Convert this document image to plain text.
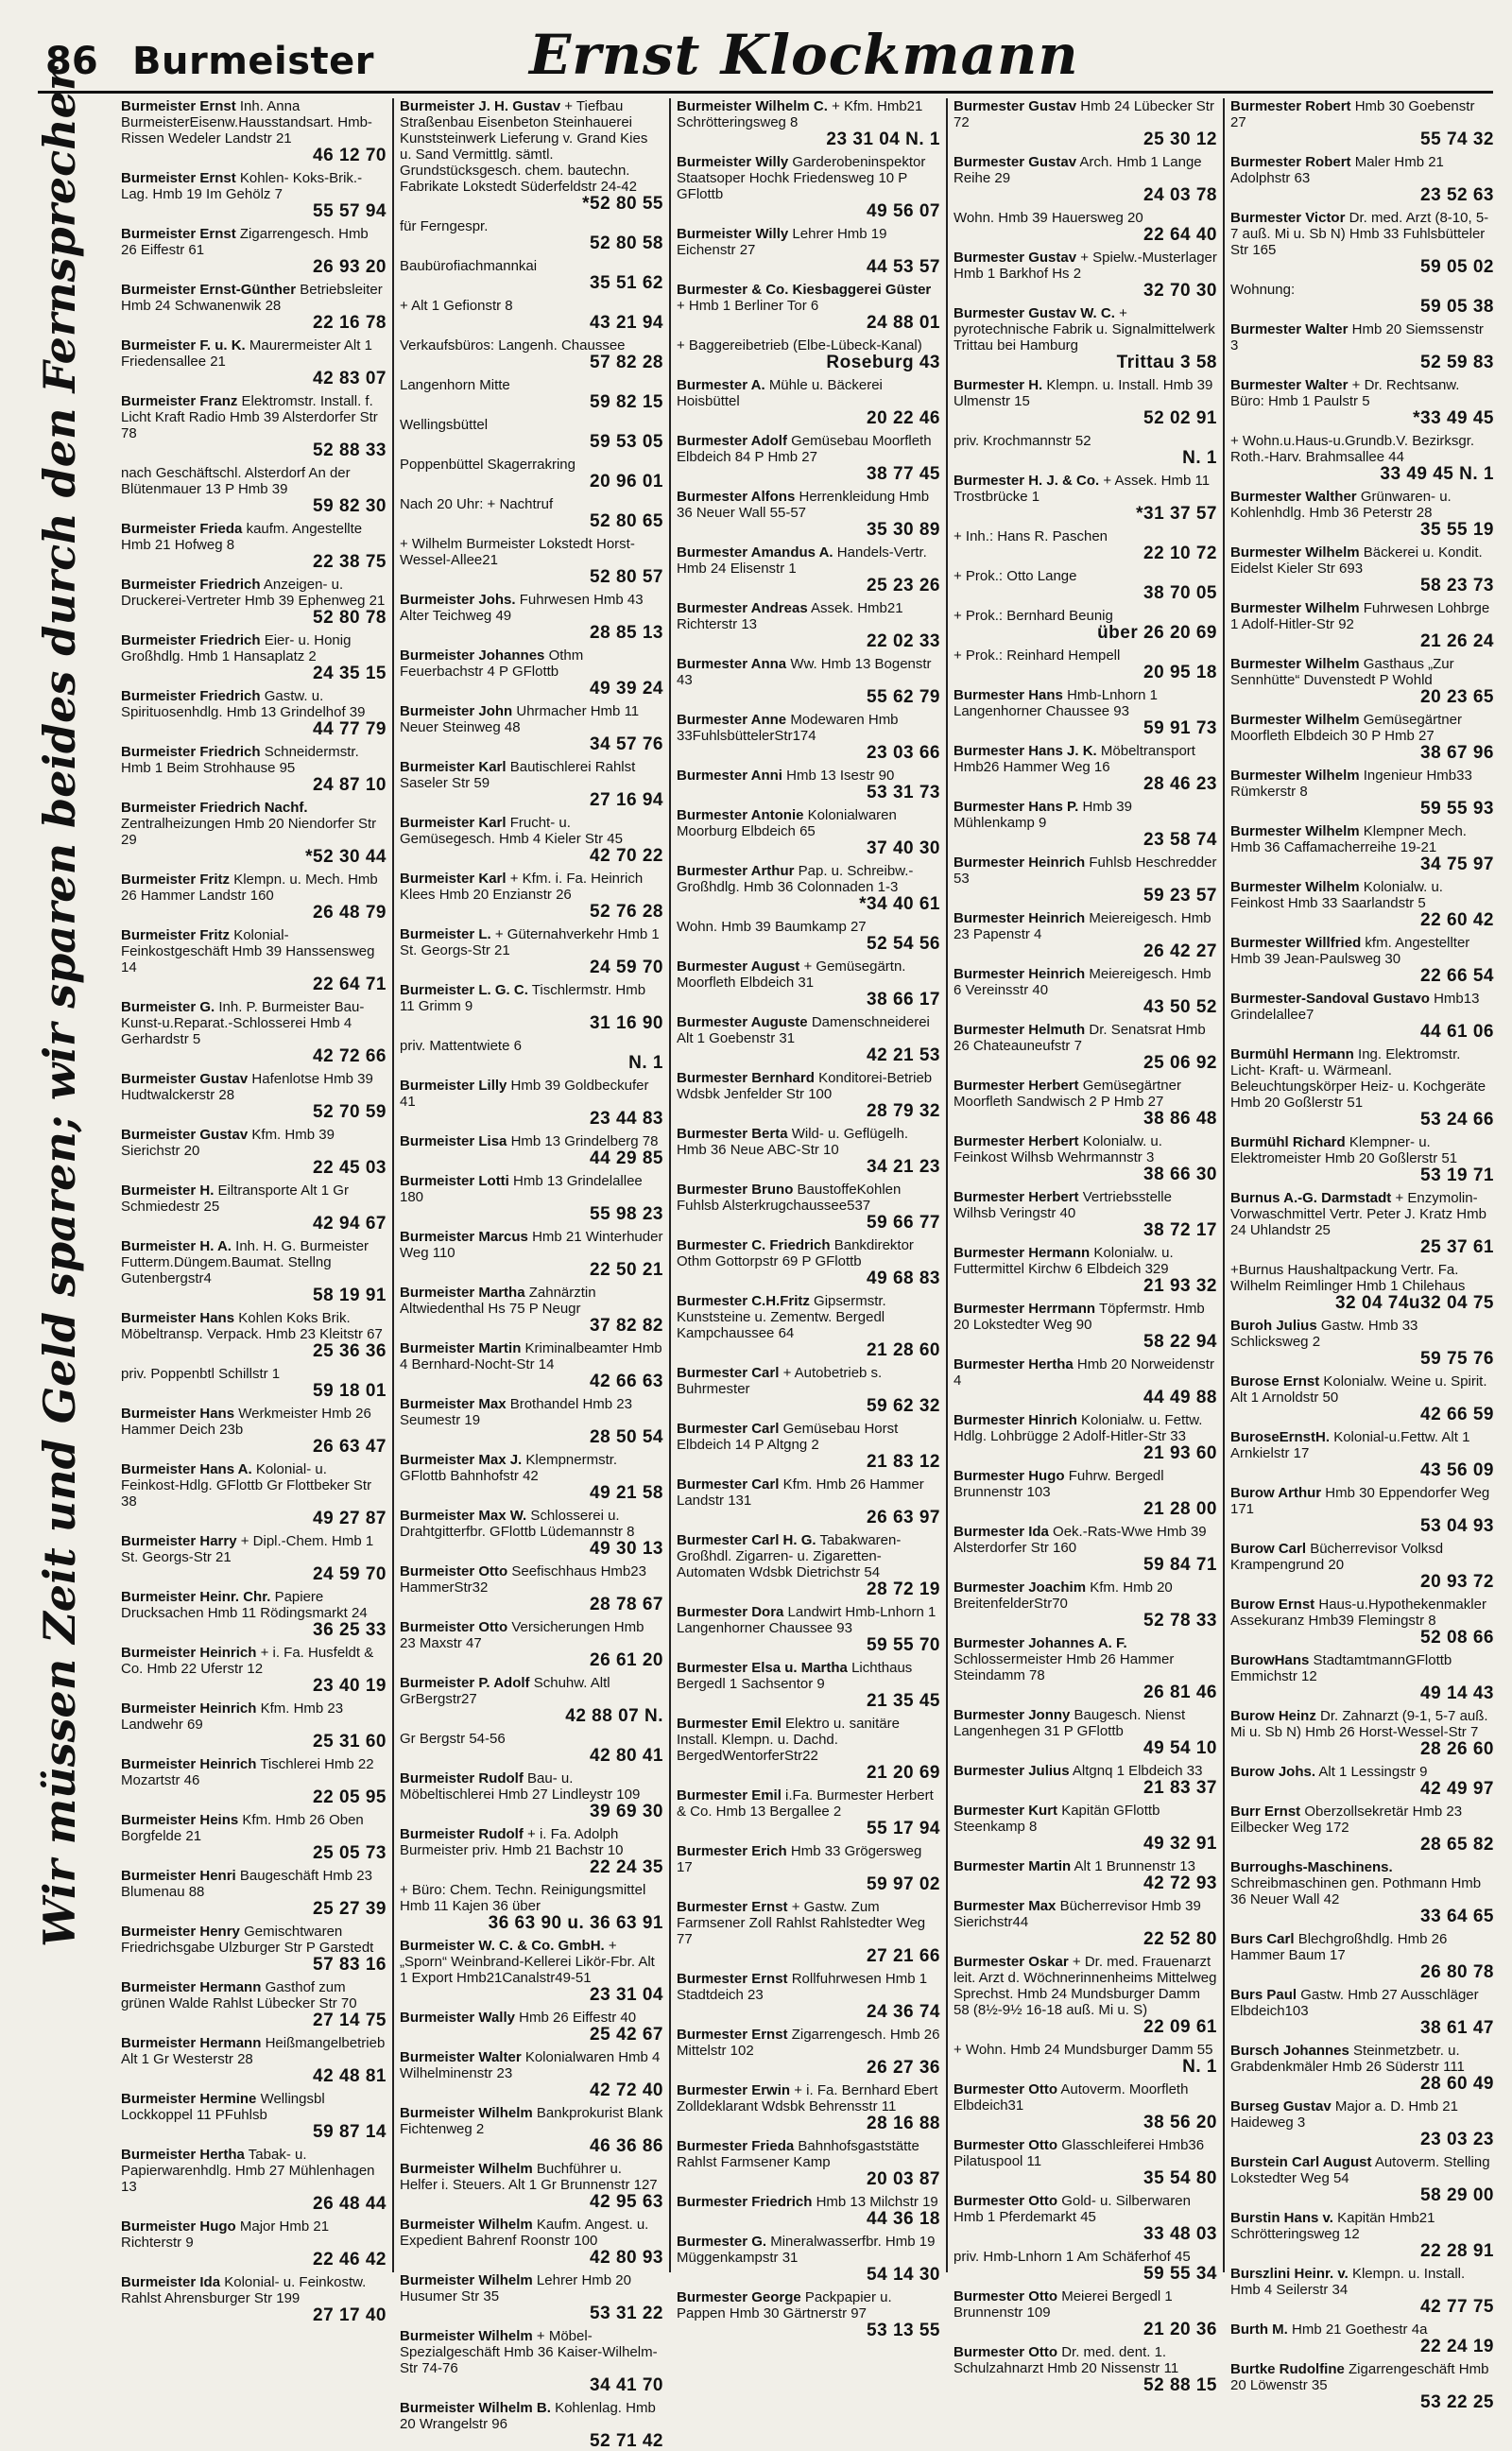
86 Burmeister	Ernst Klockmann
Wir müssen Zeit und Geld sparen; wir sparen beides durch den Fernsprecher	Burmeister Ernst Inh. Anna BurmeisterEisenw.Hausstandsart. Hmb-Rissen Wedeler Landstr 21
46 12 70
Burmeister Ernst Kohlen- Koks-Brik.-Lag. Hmb 19 Im Gehölz 7
55 57 94
Burmeister Ernst Zigarrengesch. Hmb 26 Eiffestr 61
26 93 20
Burmeister Ernst-Günther Betriebsleiter Hmb 24 Schwanenwik 28
22 16 78
Burmeister F. u. K. Maurermeister Alt 1 Friedensallee 21
42 83 07
Burmeister Franz Elektromstr. Install. f. Licht Kraft Radio Hmb 39 Alsterdorfer Str 78
52 88 33
nach Geschäftschl. Alsterdorf An der Blütenmauer 13 P Hmb 39
59 82 30
Burmeister Frieda kaufm. Angestellte Hmb 21 Hofweg 8
22 38 75
Burmeister Friedrich Anzeigen- u. Druckerei-Vertreter Hmb 39 Ephenweg 21
52 80 78
Burmeister Friedrich Eier- u. Honig Großhdlg. Hmb 1 Hansaplatz 2
24 35 15
Burmeister Friedrich Gastw. u. Spirituosenhdlg. Hmb 13 Grindelhof 39
44 77 79
Burmeister Friedrich Schneidermstr. Hmb 1 Beim Strohhause 95
24 87 10
Burmeister Friedrich Nachf. Zentralheizungen Hmb 20 Niendorfer Str 29
*52 30 44
Burmeister Fritz Klempn. u. Mech. Hmb 26 Hammer Landstr 160
26 48 79
Burmeister Fritz Kolonial- Feinkostgeschäft Hmb 39 Hanssensweg 14
22 64 71
Burmeister G. Inh. P. Burmeister Bau-Kunst-u.Reparat.-Schlosserei Hmb 4 Gerhardstr 5
42 72 66
Burmeister Gustav Hafenlotse Hmb 39 Hudtwalckerstr 28
52 70 59
Burmeister Gustav Kfm. Hmb 39 Sierichstr 20
22 45 03
Burmeister H. Eiltransporte Alt 1 Gr Schmiedestr 25
42 94 67
Burmeister H. A. Inh. H. G. Burmeister Futterm.Düngem.Baumat. Stellng Gutenbergstr4
58 19 91
Burmeister Hans Kohlen Koks Brik. Möbeltransp. Verpack. Hmb 23 Kleitstr 67
25 36 36
priv. Poppenbtl Schillstr 1
59 18 01
Burmeister Hans Werkmeister Hmb 26 Hammer Deich 23b
26 63 47
Burmeister Hans A. Kolonial- u. Feinkost-Hdlg. GFlottb Gr Flottbeker Str 38
49 27 87
Burmeister Harry + Dipl.-Chem. Hmb 1 St. Georgs-Str 21
24 59 70
Burmeister Heinr. Chr. Papiere Drucksachen Hmb 11 Rödingsmarkt 24
36 25 33
Burmeister Heinrich + i. Fa. Husfeldt & Co. Hmb 22 Uferstr 12
23 40 19
Burmeister Heinrich Kfm. Hmb 23 Landwehr 69
25 31 60
Burmeister Heinrich Tischlerei Hmb 22 Mozartstr 46
22 05 95
Burmeister Heins Kfm. Hmb 26 Oben Borgfelde 21
25 05 73
Burmeister Henri Baugeschäft Hmb 23 Blumenau 88
25 27 39
Burmeister Henry Gemischtwaren Friedrichsgabe Ulzburger Str P Garstedt
57 83 16
Burmeister Hermann Gasthof zum grünen Walde Rahlst Lübecker Str 70
27 14 75
Burmeister Hermann Heißmangelbetrieb Alt 1 Gr Westerstr 28
42 48 81
Burmeister Hermine Wellingsbl Lockkoppel 11 PFuhlsb
59 87 14
Burmeister Hertha Tabak- u. Papierwarenhdlg. Hmb 27 Mühlenhagen 13
26 48 44
Burmeister Hugo Major Hmb 21 Richterstr 9
22 46 42
Burmeister Ida Kolonial- u. Feinkostw. Rahlst Ahrensburger Str 199
27 17 40
Burmeister J. H. Gustav + Tiefbau Straßenbau Eisenbeton Steinhauerei Kunststeinwerk Lieferung v. Grand Kies u. Sand Vermittlg. sämtl. Grundstücksgesch. chem. bautechn. Fabrikate Lokstedt Süderfeldstr 24-42
*52 80 55
für Ferngespr.
52 80 58
Baubürofiachmannkai
35 51 62
+ Alt 1 Gefionstr 8
43 21 94
Verkaufsbüros: Langenh. Chaussee
57 82 28
Langenhorn Mitte
59 82 15
Wellingsbüttel
59 53 05
Poppenbüttel Skagerrakring
20 96 01
Nach 20 Uhr: + Nachtruf
52 80 65
+ Wilhelm Burmeister Lokstedt Horst-Wessel-Allee21
52 80 57
Burmeister Johs. Fuhrwesen Hmb 43 Alter Teichweg 49
28 85 13
Burmeister Johannes Othm Feuerbachstr 4 P GFlottb
49 39 24
Burmeister John Uhrmacher Hmb 11 Neuer Steinweg 48
34 57 76
Burmeister Karl Bautischlerei Rahlst Saseler Str 59
27 16 94
Burmeister Karl Frucht- u. Gemüsegesch. Hmb 4 Kieler Str 45
42 70 22
Burmeister Karl + Kfm. i. Fa. Heinrich Klees Hmb 20 Enzianstr 26
52 76 28
Burmeister L. + Güternahverkehr Hmb 1 St. Georgs-Str 21
24 59 70
Burmeister L. G. C. Tischlermstr. Hmb 11 Grimm 9
31 16 90
priv. Mattentwiete 6
N. 1
Burmeister Lilly Hmb 39 Goldbeckufer 41
23 44 83
Burmeister Lisa Hmb 13 Grindelberg 78
44 29 85
Burmeister Lotti Hmb 13 Grindelallee 180
55 98 23
Burmeister Marcus Hmb 21 Winterhuder Weg 110
22 50 21
Burmeister Martha Zahnärztin Altwiedenthal Hs 75 P Neugr
37 82 82
Burmeister Martin Kriminalbeamter Hmb 4 Bernhard-Nocht-Str 14
42 66 63
Burmeister Max Brothandel Hmb 23 Seumestr 19
28 50 54
Burmeister Max J. Klempnermstr. GFlottb Bahnhofstr 42
49 21 58
Burmeister Max W. Schlosserei u. Drahtgitterfbr. GFlottb Lüdemannstr 8
49 30 13
Burmeister Otto Seefischhaus Hmb23 HammerStr32
28 78 67
Burmeister Otto Versicherungen Hmb 23 Maxstr 47
26 61 20
Burmeister P. Adolf Schuhw. Altl GrBergstr27
42 88 07 N.
Gr Bergstr 54-56
42 80 41
Burmeister Rudolf Bau- u. Möbeltischlerei Hmb 27 Lindleystr 109
39 69 30
Burmeister Rudolf + i. Fa. Adolph Burmeister priv. Hmb 21 Bachstr 10
22 24 35
+ Büro: Chem. Techn. Reinigungsmittel Hmb 11 Kajen 36 über
36 63 90 u. 36 63 91
Burmeister W. C. & Co. GmbH. + „Sporn“ Weinbrand-Kellerei Likör-Fbr. Alt 1 Export Hmb21Canalstr49-51
23 31 04
Burmeister Wally Hmb 26 Eiffestr 40
25 42 67
Burmeister Walter Kolonialwaren Hmb 4 Wilhelminenstr 23
42 72 40
Burmeister Wilhelm Bankprokurist Blank Fichtenweg 2
46 36 86
Burmeister Wilhelm Buchführer u. Helfer i. Steuers. Alt 1 Gr Brunnenstr 127
42 95 63
Burmeister Wilhelm Kaufm. Angest. u. Expedient Bahrenf Roonstr 100
42 80 93
Burmeister Wilhelm Lehrer Hmb 20 Husumer Str 35
53 31 22
Burmeister Wilhelm + Möbel-Spezialgeschäft Hmb 36 Kaiser-Wilhelm-Str 74-76
34 41 70
Burmeister Wilhelm B. Kohlenlag. Hmb 20 Wrangelstr 96
52 71 42
Burmeister Wilhelm C. + Kfm. Hmb21 Schrötteringsweg 8
23 31 04 N. 1
Burmeister Willy Garderobeninspektor Staatsoper Hochk Friedensweg 10 P GFlottb
49 56 07
Burmeister Willy Lehrer Hmb 19 Eichenstr 27
44 53 57
Burmester & Co. Kiesbaggerei Güster + Hmb 1 Berliner Tor 6
24 88 01
+ Baggereibetrieb (Elbe-Lübeck-Kanal)
Roseburg 43
Burmester A. Mühle u. Bäckerei Hoisbüttel
20 22 46
Burmester Adolf Gemüsebau Moorfleth Elbdeich 84 P Hmb 27
38 77 45
Burmester Alfons Herrenkleidung Hmb 36 Neuer Wall 55-57
35 30 89
Burmester Amandus A. Handels-Vertr. Hmb 24 Elisenstr 1
25 23 26
Burmester Andreas Assek. Hmb21 Richterstr 13
22 02 33
Burmester Anna Ww. Hmb 13 Bogenstr 43
55 62 79
Burmester Anne Modewaren Hmb 33FuhlsbüttelerStr174
23 03 66
Burmester Anni Hmb 13 Isestr 90
53 31 73
Burmester Antonie Kolonialwaren Moorburg Elbdeich 65
37 40 30
Burmester Arthur Pap. u. Schreibw.-Großhdlg. Hmb 36 Colonnaden 1-3
*34 40 61
Wohn. Hmb 39 Baumkamp 27
52 54 56
Burmester August + Gemüsegärtn. Moorfleth Elbdeich 31
38 66 17
Burmester Auguste Damenschneiderei Alt 1 Goebenstr 31
42 21 53
Burmester Bernhard Konditorei-Betrieb Wdsbk Jenfelder Str 100
28 79 32
Burmester Berta Wild- u. Geflügelh. Hmb 36 Neue ABC-Str 10
34 21 23
Burmester Bruno BaustoffeKohlen Fuhlsb Alsterkrugchaussee537
59 66 77
Burmester C. Friedrich Bankdirektor Othm Gottorpstr 69 P GFlottb
49 68 83
Burmester C.H.Fritz Gipsermstr. Kunststeine u. Zementw. Bergedl Kampchaussee 64
21 28 60
Burmester Carl + Autobetrieb s. Buhrmester
59 62 32
Burmester Carl Gemüsebau Horst Elbdeich 14 P Altgng 2
21 83 12
Burmester Carl Kfm. Hmb 26 Hammer Landstr 131
26 63 97
Burmester Carl H. G. Tabakwaren-Großhdl. Zigarren- u. Zigaretten-Automaten Wdsbk Dietrichstr 54
28 72 19
Burmester Dora Landwirt Hmb-Lnhorn 1 Langenhorner Chaussee 93
59 55 70
Burmester Elsa u. Martha Lichthaus Bergedl 1 Sachsentor 9
21 35 45
Burmester Emil Elektro u. sanitäre Install. Klempn. u. Dachd. BergedWentorferStr22
21 20 69
Burmester Emil i.Fa. Burmester Herbert & Co. Hmb 13 Bergallee 2
55 17 94
Burmester Erich Hmb 33 Grögersweg 17
59 97 02
Burmester Ernst + Gastw. Zum Farmsener Zoll Rahlst Rahlstedter Weg 77
27 21 66
Burmester Ernst Rollfuhrwesen Hmb 1 Stadtdeich 23
24 36 74
Burmester Ernst Zigarrengesch. Hmb 26 Mittelstr 102
26 27 36
Burmester Erwin + i. Fa. Bernhard Ebert Zolldeklarant Wdsbk Behrensstr 11
28 16 88
Burmester Frieda Bahnhofsgaststätte Rahlst Farmsener Kamp
20 03 87
Burmester Friedrich Hmb 13 Milchstr 19
44 36 18
Burmester G. Mineralwasserfbr. Hmb 19 Müggenkampstr 31
54 14 30
Burmester George Packpapier u. Pappen Hmb 30 Gärtnerstr 97
53 13 55
Burmester Gustav Hmb 24 Lübecker Str 72
25 30 12
Burmester Gustav Arch. Hmb 1 Lange Reihe 29
24 03 78
Wohn. Hmb 39 Hauersweg 20
22 64 40
Burmester Gustav + Spielw.-Musterlager Hmb 1 Barkhof Hs 2
32 70 30
Burmester Gustav W. C. + pyrotechnische Fabrik u. Signalmittelwerk Trittau bei Hamburg
Trittau 3 58
Burmester H. Klempn. u. Install. Hmb 39 Ulmenstr 15
52 02 91
priv. Krochmannstr 52
N. 1
Burmester H. J. & Co. + Assek. Hmb 11 Trostbrücke 1
*31 37 57
+ Inh.: Hans R. Paschen
22 10 72
+ Prok.: Otto Lange
38 70 05
+ Prok.: Bernhard Beunig
über 26 20 69
+ Prok.: Reinhard Hempell
20 95 18
Burmester Hans Hmb-Lnhorn 1 Langenhorner Chaussee 93
59 91 73
Burmester Hans J. K. Möbeltransport Hmb26 Hammer Weg 16
28 46 23
Burmester Hans P. Hmb 39 Mühlenkamp 9
23 58 74
Burmester Heinrich Fuhlsb Heschredder 53
59 23 57
Burmester Heinrich Meiereigesch. Hmb 23 Papenstr 4
26 42 27
Burmester Heinrich Meiereigesch. Hmb 6 Vereinsstr 40
43 50 52
Burmester Helmuth Dr. Senatsrat Hmb 26 Chateauneufstr 7
25 06 92
Burmester Herbert Gemüsegärtner Moorfleth Sandwisch 2 P Hmb 27
38 86 48
Burmester Herbert Kolonialw. u. Feinkost Wilhsb Wehrmannstr 3
38 66 30
Burmester Herbert Vertriebsstelle Wilhsb Veringstr 40
38 72 17
Burmester Hermann Kolonialw. u. Futtermittel Kirchw 6 Elbdeich 329
21 93 32
Burmester Herrmann Töpfermstr. Hmb 20 Lokstedter Weg 90
58 22 94
Burmester Hertha Hmb 20 Norweidenstr 4
44 49 88
Burmester Hinrich Kolonialw. u. Fettw. Hdlg. Lohbrügge 2 Adolf-Hitler-Str 33
21 93 60
Burmester Hugo Fuhrw. Bergedl Brunnenstr 103
21 28 00
Burmester Ida Oek.-Rats-Wwe Hmb 39 Alsterdorfer Str 160
59 84 71
Burmester Joachim Kfm. Hmb 20 BreitenfelderStr70
52 78 33
Burmester Johannes A. F. Schlossermeister Hmb 26 Hammer Steindamm 78
26 81 46
Burmester Jonny Baugesch. Nienst Langenhegen 31 P GFlottb
49 54 10
Burmester Julius Altgnq 1 Elbdeich 33
21 83 37
Burmester Kurt Kapitän GFlottb Steenkamp 8
49 32 91
Burmester Martin Alt 1 Brunnenstr 13
42 72 93
Burmester Max Bücherrevisor Hmb 39 Sierichstr44
22 52 80
Burmester Oskar + Dr. med. Frauenarzt leit. Arzt d. Wöchnerinnenheims Mittelweg Sprechst. Hmb 24 Mundsburger Damm 58 (8½-9½ 16-18 auß. Mi u. S)
22 09 61
+ Wohn. Hmb 24 Mundsburger Damm 55
N. 1
Burmester Otto Autoverm. Moorfleth Elbdeich31
38 56 20
Burmester Otto Glasschleiferei Hmb36 Pilatuspool 11
35 54 80
Burmester Otto Gold- u. Silberwaren Hmb 1 Pferdemarkt 45
33 48 03
priv. Hmb-Lnhorn 1 Am Schäferhof 45
59 55 34
Burmester Otto Meierei Bergedl 1 Brunnenstr 109
21 20 36
Burmester Otto Dr. med. dent. 1. Schulzahnarzt Hmb 20 Nissenstr 11
52 88 15
Burmester Robert Hmb 30 Goebenstr 27
55 74 32
Burmester Robert Maler Hmb 21 Adolphstr 63
23 52 63
Burmester Victor Dr. med. Arzt (8-10, 5-7 auß. Mi u. Sb N) Hmb 33 Fuhlsbütteler Str 165
59 05 02
Wohnung:
59 05 38
Burmester Walter Hmb 20 Siemssenstr 3
52 59 83
Burmester Walter + Dr. Rechtsanw. Büro: Hmb 1 Paulstr 5
*33 49 45
+ Wohn.u.Haus-u.Grundb.V. Bezirksgr. Roth.-Harv. Brahmsallee 44
33 49 45 N. 1
Burmester Walther Grünwaren- u. Kohlenhdlg. Hmb 36 Peterstr 28
35 55 19
Burmester Wilhelm Bäckerei u. Kondit. Eidelst Kieler Str 693
58 23 73
Burmester Wilhelm Fuhrwesen Lohbrge 1 Adolf-Hitler-Str 92
21 26 24
Burmester Wilhelm Gasthaus „Zur Sennhütte“ Duvenstedt P Wohld
20 23 65
Burmester Wilhelm Gemüsegärtner Moorfleth Elbdeich 30 P Hmb 27
38 67 96
Burmester Wilhelm Ingenieur Hmb33 Rümkerstr 8
59 55 93
Burmester Wilhelm Klempner Mech. Hmb 36 Caffamacherreihe 19-21
34 75 97
Burmester Wilhelm Kolonialw. u. Feinkost Hmb 33 Saarlandstr 5
22 60 42
Burmester Willfried kfm. Angestellter Hmb 39 Jean-Paulsweg 30
22 66 54
Burmester-Sandoval Gustavo Hmb13 Grindelallee7
44 61 06
Burmühl Hermann Ing. Elektromstr. Licht- Kraft- u. Wärmeanl. Beleuchtungskörper Heiz- u. Kochgeräte Hmb 20 Goßlerstr 51
53 24 66
Burmühl Richard Klempner- u. Elektromeister Hmb 20 Goßlerstr 51
53 19 71
Burnus A.-G. Darmstadt + Enzymolin-Vorwaschmittel Vertr. Peter J. Kratz Hmb 24 Uhlandstr 25
25 37 61
+Burnus Haushaltpackung Vertr. Fa. Wilhelm Reimlinger Hmb 1 Chilehaus
32 04 74u32 04 75
Buroh Julius Gastw. Hmb 33 Schlicksweg 2
59 75 76
Burose Ernst Kolonialw. Weine u. Spirit. Alt 1 Arnoldstr 50
42 66 59
BuroseErnstH. Kolonial-u.Fettw. Alt 1 Arnkielstr 17
43 56 09
Burow Arthur Hmb 30 Eppendorfer Weg 171
53 04 93
Burow Carl Bücherrevisor Volksd Krampengrund 20
20 93 72
Burow Ernst Haus-u.Hypothekenmakler Assekuranz Hmb39 Flemingstr 8
52 08 66
BurowHans StadtamtmannGFlottb Emmichstr 12
49 14 43
Burow Heinz Dr. Zahnarzt (9-1, 5-7 auß. Mi u. Sb N) Hmb 26 Horst-Wessel-Str 7
28 26 60
Burow Johs. Alt 1 Lessingstr 9
42 49 97
Burr Ernst Oberzollsekretär Hmb 23 Eilbecker Weg 172
28 65 82
Burroughs-Maschinens. Schreibmaschinen gen. Pothmann Hmb 36 Neuer Wall 42
33 64 65
Burs Carl Blechgroßhdlg. Hmb 26 Hammer Baum 17
26 80 78
Burs Paul Gastw. Hmb 27 Ausschläger Elbdeich103
38 61 47
Bursch Johannes Steinmetzbetr. u. Grabdenkmäler Hmb 26 Süderstr 111
28 60 49
Burseg Gustav Major a. D. Hmb 21 Haideweg 3
23 03 23
Burstein Carl August Autoverm. Stelling Lokstedter Weg 54
58 29 00
Burstin Hans v. Kapitän Hmb21 Schrötteringsweg 12
22 28 91
Burszlini Heinr. v. Klempn. u. Install. Hmb 4 Seilerstr 34
42 77 75
Burth M. Hmb 21 Goethestr 4a
22 24 19
Burtke Rudolfine Zigarrengeschäft Hmb 20 Löwenstr 35
53 22 25
